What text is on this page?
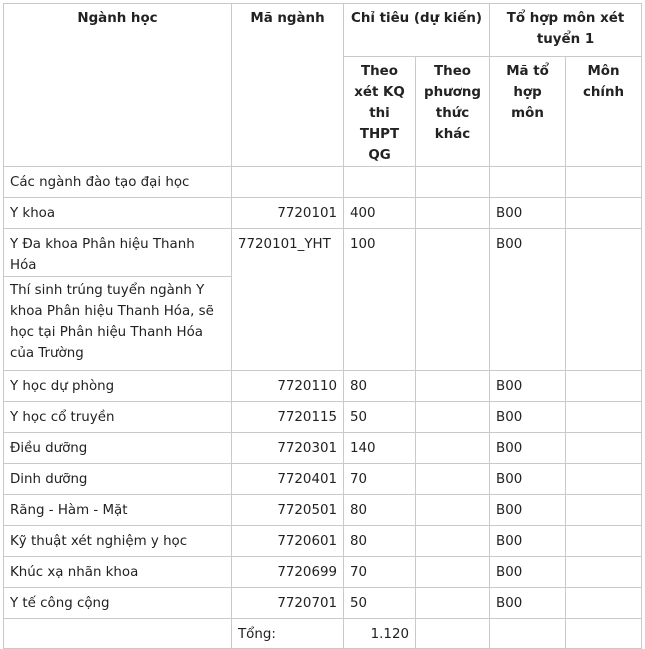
Ngành học	Mã ngành	Chỉ tiêu (dự kiến)		Tổ hợp môn xét tuyển 1	
		Theo xét KQ thi THPT QG	Theo phương thức khác	Mã tổ hợp môn	Môn chính
Các ngành đào tạo đại học					
Y khoa	7720101	400		B00	
Y Đa khoa Phân hiệu Thanh Hóa	7720101_YHT	100		B00	
Thí sinh trúng tuyển ngành Y khoa Phân hiệu Thanh Hóa, sẽ học tại Phân hiệu Thanh Hóa của Trường					
Y học dự phòng	7720110	80		B00	
Y học cổ truyền	7720115	50		B00	
Điều dưỡng	7720301	140		B00	
Dinh dưỡng	7720401	70		B00	
Răng - Hàm - Mặt	7720501	80		B00	
Kỹ thuật xét nghiệm y học	7720601	80		B00	
Khúc xạ nhãn khoa	7720699	70		B00	
Y tế công cộng	7720701	50		B00	
	Tổng:	1.120			
